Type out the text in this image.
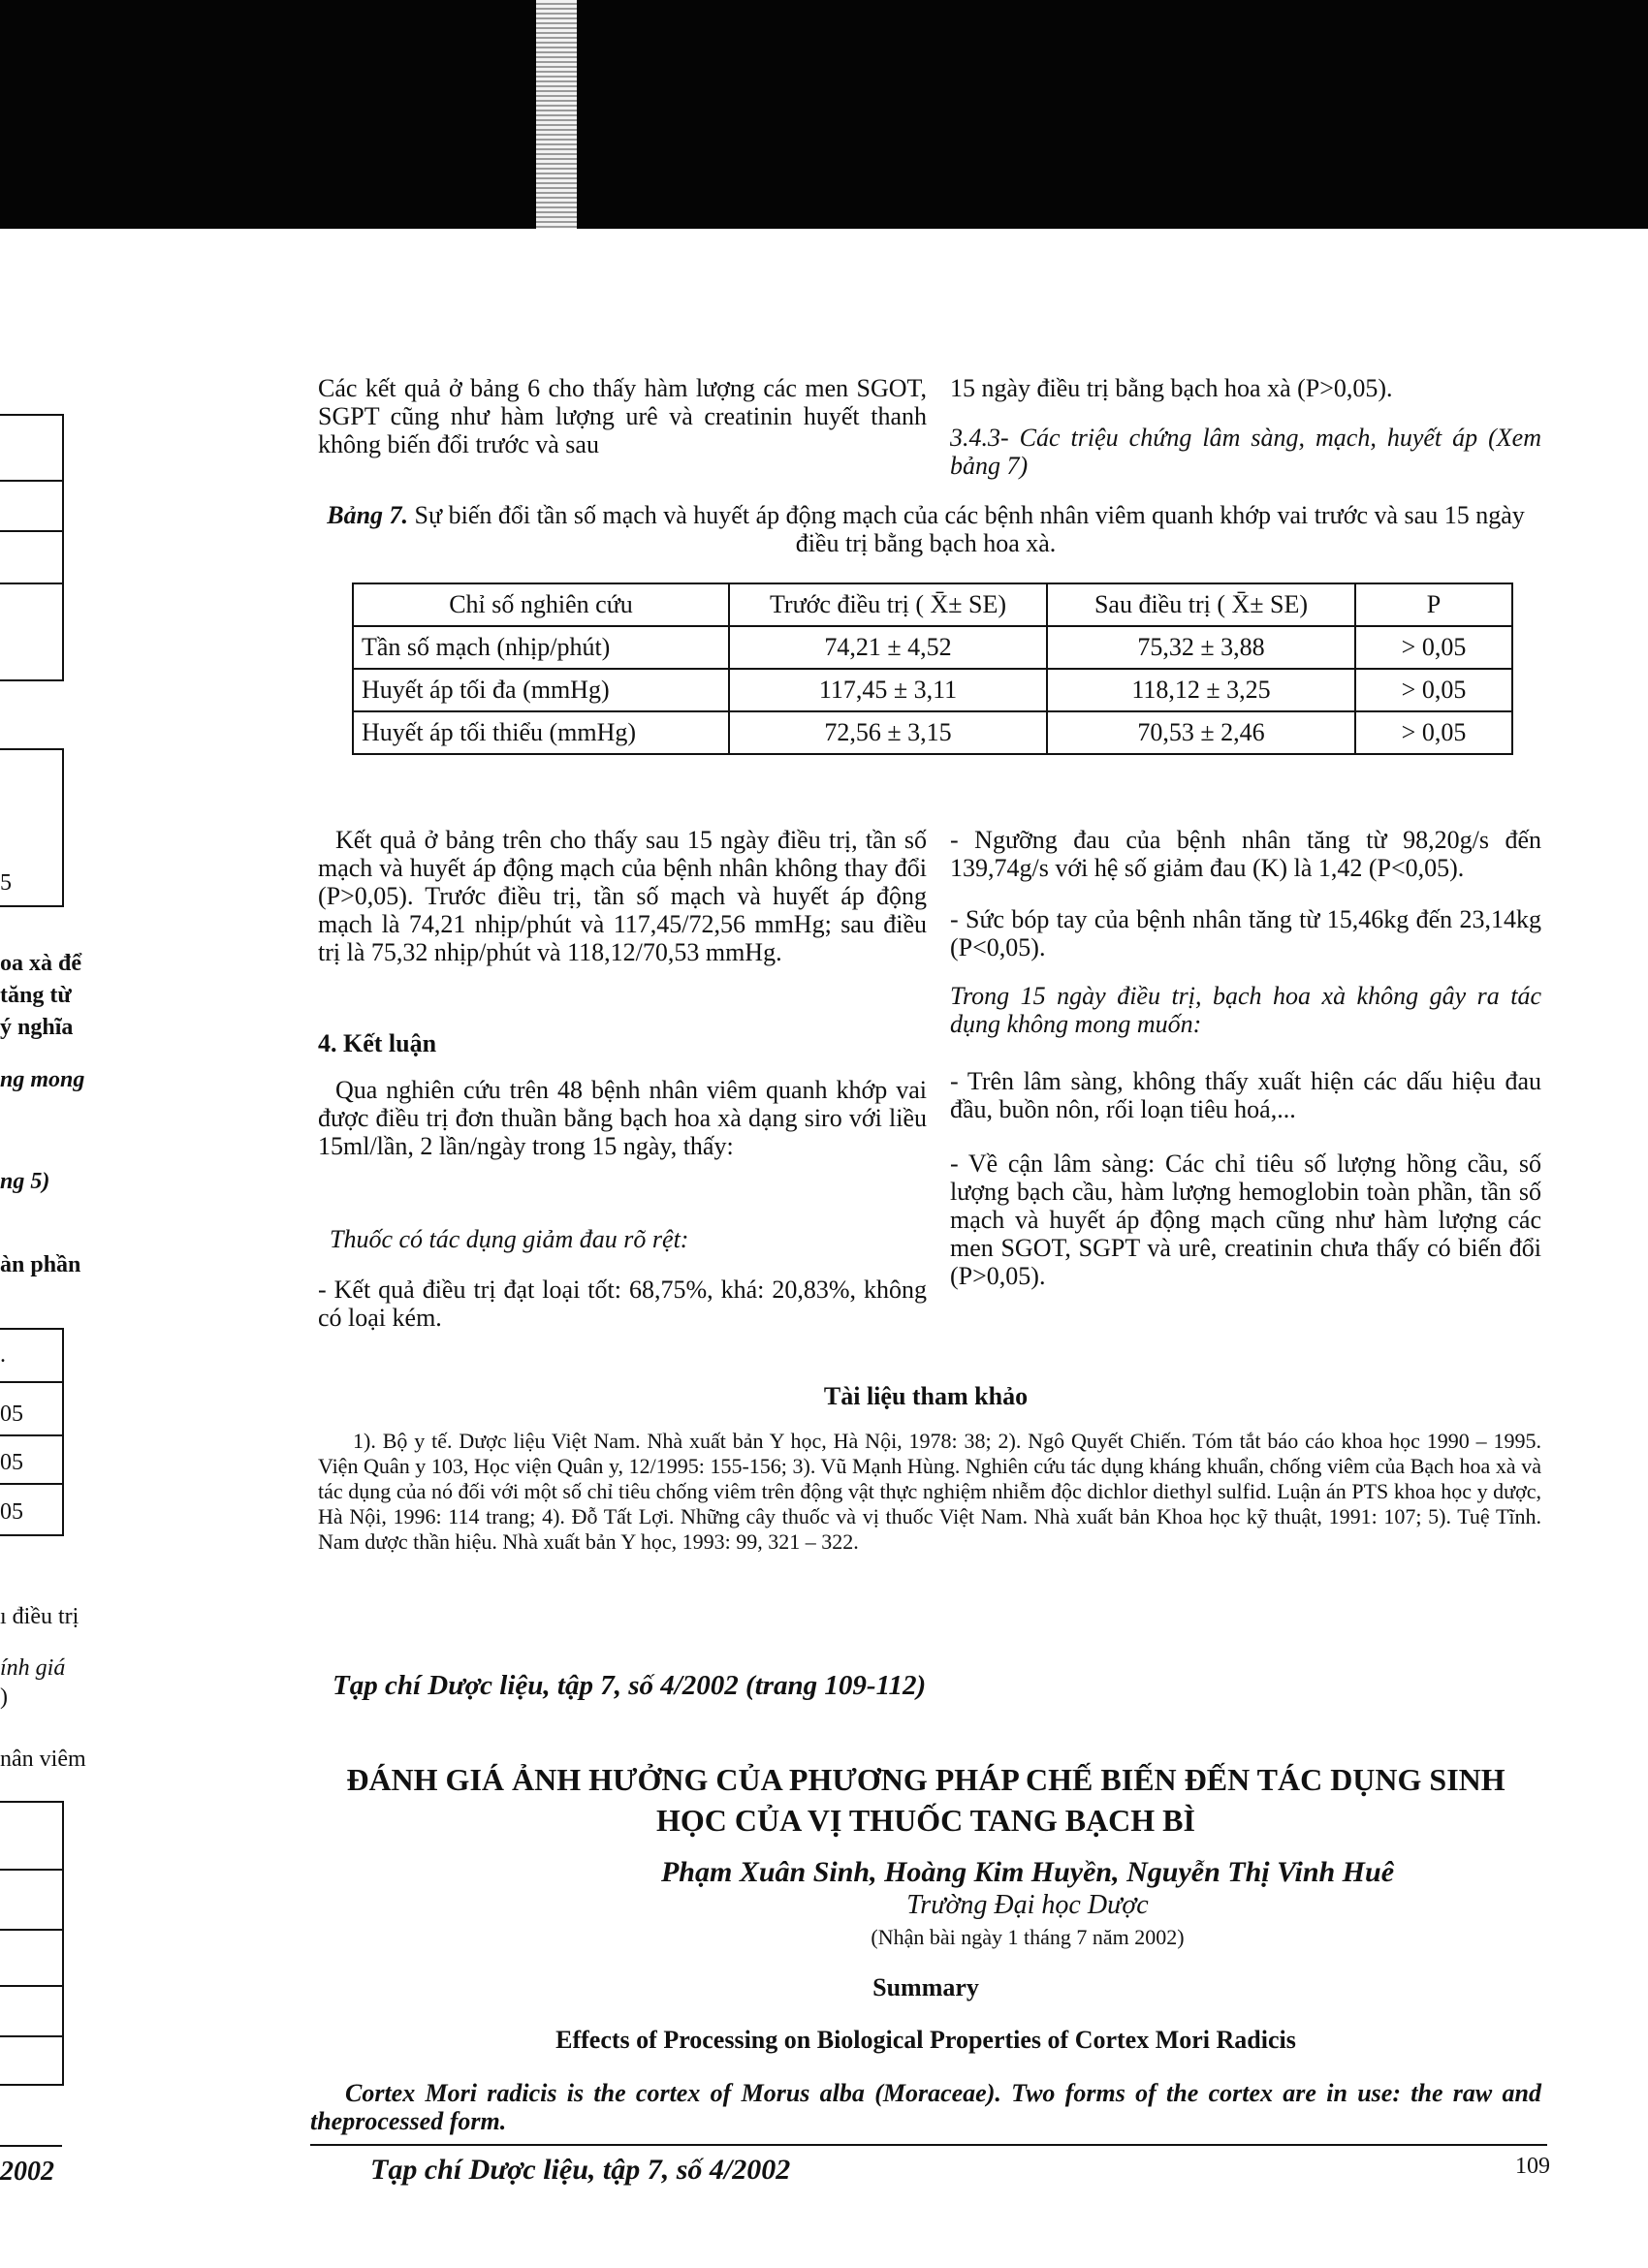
5
oa xà để
tăng từ
ý nghĩa
ng mong
ng 5)
àn phần
.
05
05
05
ı điều trị
ính giá
)
nân viêm
2002

Các kết quả ở bảng 6 cho thấy hàm lượng các men SGOT, SGPT cũng như hàm lượng urê và creatinin huyết thanh không biến đổi trước và sau

15 ngày điều trị bằng bạch hoa xà (P>0,05).

3.4.3- Các triệu chứng lâm sàng, mạch, huyết áp (Xem bảng 7)

Bảng 7. Sự biến đổi tần số mạch và huyết áp động mạch của các bệnh nhân viêm quanh khớp vai trước và sau 15 ngày điều trị bằng bạch hoa xà.

Chỉ số nghiên cứu	Trước điều trị ( X̄± SE)	Sau điều trị ( X̄± SE)	P
Tần số mạch (nhịp/phút)	74,21 ± 4,52	75,32 ± 3,88	> 0,05
Huyết áp tối đa (mmHg)	117,45 ± 3,11	118,12 ± 3,25	> 0,05
Huyết áp tối thiểu (mmHg)	72,56 ± 3,15	70,53 ± 2,46	> 0,05

Kết quả ở bảng trên cho thấy sau 15 ngày điều trị, tần số mạch và huyết áp động mạch của bệnh nhân không thay đổi (P>0,05). Trước điều trị, tần số mạch và huyết áp động mạch là 74,21 nhịp/phút và 117,45/72,56 mmHg; sau điều trị là 75,32 nhịp/phút và 118,12/70,53 mmHg.

4. Kết luận

Qua nghiên cứu trên 48 bệnh nhân viêm quanh khớp vai được điều trị đơn thuần bằng bạch hoa xà dạng siro với liều 15ml/lần, 2 lần/ngày trong 15 ngày, thấy:

Thuốc có tác dụng giảm đau rõ rệt:

- Kết quả điều trị đạt loại tốt: 68,75%, khá: 20,83%, không có loại kém.

- Ngưỡng đau của bệnh nhân tăng từ 98,20g/s đến 139,74g/s với hệ số giảm đau (K) là 1,42 (P<0,05).

- Sức bóp tay của bệnh nhân tăng từ 15,46kg đến 23,14kg (P<0,05).

Trong 15 ngày điều trị, bạch hoa xà không gây ra tác dụng không mong muốn:

- Trên lâm sàng, không thấy xuất hiện các dấu hiệu đau đầu, buồn nôn, rối loạn tiêu hoá,...

- Về cận lâm sàng: Các chỉ tiêu số lượng hồng cầu, số lượng bạch cầu, hàm lượng hemoglobin toàn phần, tần số mạch và huyết áp động mạch cũng như hàm lượng các men SGOT, SGPT và urê, creatinin chưa thấy có biến đổi (P>0,05).

Tài liệu tham khảo

1). Bộ y tế. Dược liệu Việt Nam. Nhà xuất bản Y học, Hà Nội, 1978: 38; 2). Ngô Quyết Chiến. Tóm tắt báo cáo khoa học 1990 – 1995. Viện Quân y 103, Học viện Quân y, 12/1995: 155-156; 3). Vũ Mạnh Hùng. Nghiên cứu tác dụng kháng khuẩn, chống viêm của Bạch hoa xà và tác dụng của nó đối với một số chỉ tiêu chống viêm trên động vật thực nghiệm nhiễm độc dichlor diethyl sulfid. Luận án PTS khoa học y dược, Hà Nội, 1996: 114 trang; 4). Đỗ Tất Lợi. Những cây thuốc và vị thuốc Việt Nam. Nhà xuất bản Khoa học kỹ thuật, 1991: 107; 5). Tuệ Tĩnh. Nam dược thần hiệu. Nhà xuất bản Y học, 1993: 99, 321 – 322.

Tạp chí Dược liệu, tập 7, số 4/2002 (trang 109-112)
ĐÁNH GIÁ ẢNH HƯỞNG CỦA PHƯƠNG PHÁP CHẾ BIẾN ĐẾN TÁC DỤNG SINH HỌC CỦA VỊ THUỐC TANG BẠCH BÌ
Phạm Xuân Sinh, Hoàng Kim Huyền, Nguyễn Thị Vinh Huê
Trường Đại học Dược
(Nhận bài ngày 1 tháng 7 năm 2002)
Summary
Effects of Processing on Biological Properties of Cortex Mori Radicis

Cortex Mori radicis is the cortex of Morus alba (Moraceae). Two forms of the cortex are in use: the raw and theprocessed form.

Tạp chí Dược liệu, tập 7, số 4/2002	109
